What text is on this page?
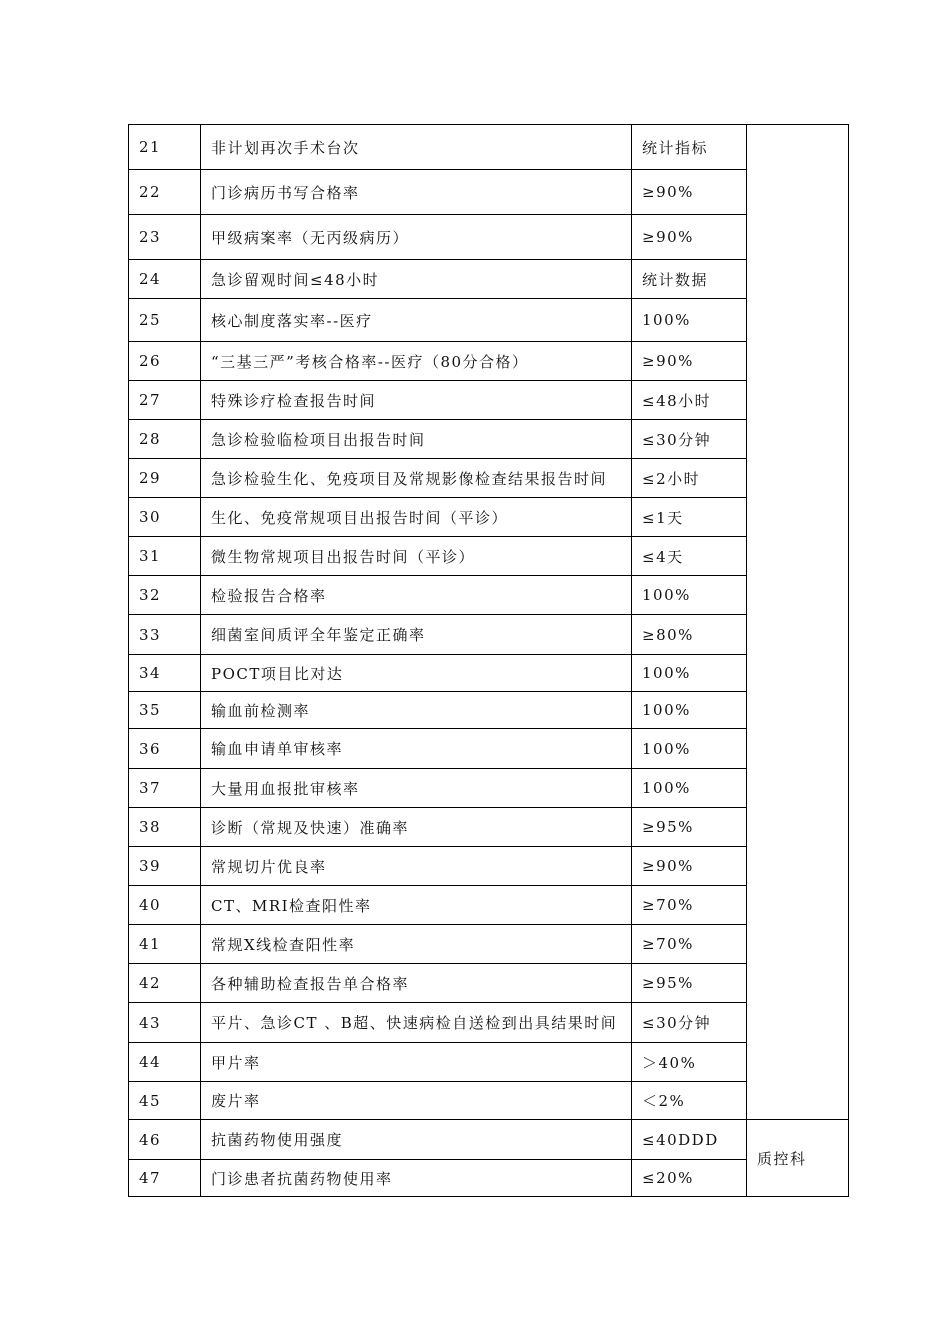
21	非计划再次手术台次	统计指标	
22	门诊病历书写合格率	≥90%	
23	甲级病案率（无丙级病历）	≥90%	
24	急诊留观时间≤48小时	统计数据	
25	核心制度落实率--医疗	100%	
26	“三基三严”考核合格率--医疗（80分合格）	≥90%	
27	特殊诊疗检查报告时间	≤48小时	
28	急诊检验临检项目出报告时间	≤30分钟	
29	急诊检验生化、免疫项目及常规影像检查结果报告时间	≤2小时	
30	生化、免疫常规项目出报告时间（平诊）	≤1天	
31	微生物常规项目出报告时间（平诊）	≤4天	
32	检验报告合格率	100%	
33	细菌室间质评全年鉴定正确率	≥80%	
34	POCT项目比对达	100%	
35	输血前检测率	100%	
36	输血申请单审核率	100%	
37	大量用血报批审核率	100%	
38	诊断（常规及快速）准确率	≥95%	
39	常规切片优良率	≥90%	
40	CT、MRI检查阳性率	≥70%	
41	常规X线检查阳性率	≥70%	
42	各种辅助检查报告单合格率	≥95%	
43	平片、急诊CT 、B超、快速病检自送检到出具结果时间	≤30分钟	
44	甲片率	＞40%	
45	废片率	＜2%	
46	抗菌药物使用强度	≤40DDD	质控科
47	门诊患者抗菌药物使用率	≤20%	
